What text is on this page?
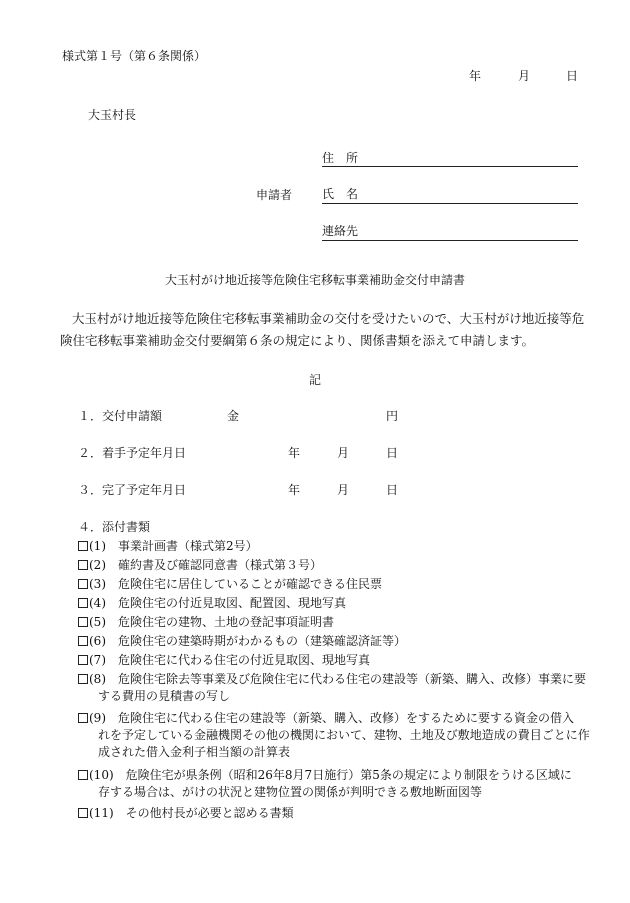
様式第１号（第６条関係）
年	月	日
大玉村長
申請者
住　所
氏　名
連絡先
大玉村がけ地近接等危険住宅移転事業補助金交付申請書
大玉村がけ地近接等危険住宅移転事業補助金の交付を受けたいので、大玉村がけ地近接等危険住宅移転事業補助金交付要綱第６条の規定により、関係書類を添えて申請します。
記
１．交付申請額	金	円
２．着手予定年月日	年	月	日
３．完了予定年月日	年	月	日
４．添付書類
(1)　 事業計画書（様式第2号）
(2)　 確約書及び確認同意書（様式第３号）
(3)　 危険住宅に居住していることが確認できる住民票
(4)　 危険住宅の付近見取図、配置図、現地写真
(5)　 危険住宅の建物、土地の登記事項証明書
(6)　 危険住宅の建築時期がわかるもの（建築確認済証等）
(7)　 危険住宅に代わる住宅の付近見取図、現地写真
(8)　 危険住宅除去等事業及び危険住宅に代わる住宅の建設等（新築、購入、改修）事業に要
する費用の見積書の写し
(9)　 危険住宅に代わる住宅の建設等（新築、購入、改修）をするために要する資金の借入
れを予定している金融機関その他の機関において、建物、土地及び敷地造成の費目ごとに作成された借入金利子相当額の計算表
(10)　 危険住宅が県条例（昭和26年8月7日施行）第5条の規定により制限をうける区域に
存する場合は、がけの状況と建物位置の関係が判明できる敷地断面図等
(11)　 その他村長が必要と認める書類
